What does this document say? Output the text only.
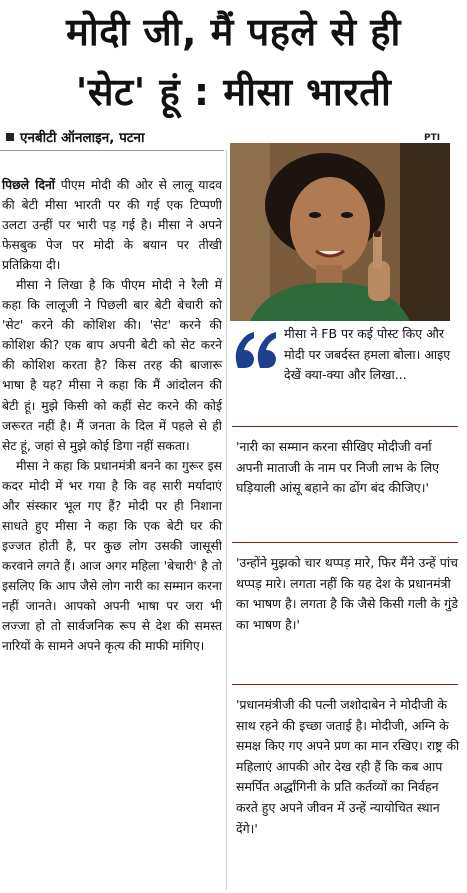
मोदी जी, मैं पहले से ही
'सेट' हूं : मीसा भारती
एनबीटी ऑनलाइन, पटना

पिछले दिनों पीएम मोदी की ओर से लालू यादव की बेटी मीसा भारती पर की गई एक टिप्पणी उलटा उन्हीं पर भारी पड़ गई है। मीसा ने अपने फेसबुक पेज पर मोदी के बयान पर तीखी प्रतिक्रिया दी।

मीसा ने लिखा है कि पीएम मोदी ने रैली में कहा कि लालूजी ने पिछली बार बेटी बेचारी को 'सेट' करने की कोशिश की। 'सेट' करने की कोशिश की? एक बाप अपनी बेटी को सेट करने की कोशिश करता है? किस तरह की बाजारू भाषा है यह? मीसा ने कहा कि मैं आंदोलन की बेटी हूं। मुझे किसी को कहीं सेट करने की कोई जरूरत नहीं है। मैं जनता के दिल में पहले से ही सेट हूं, जहां से मुझे कोई डिगा नहीं सकता।

मीसा ने कहा कि प्रधानमंत्री बनने का गुरूर इस कदर मोदी में भर गया है कि वह सारी मर्यादाएं और संस्कार भूल गए हैं? मोदी पर ही निशाना साधते हुए मीसा ने कहा कि एक बेटी घर की इज्जत होती है, पर कुछ लोग उसकी जासूसी करवाने लगते हैं। आज अगर महिला 'बेचारी' है तो इसलिए कि आप जैसे लोग नारी का सम्मान करना नहीं जानते। आपको अपनी भाषा पर जरा भी लज्जा हो तो सार्वजनिक रूप से देश की समस्त नारियों के सामने अपने कृत्य की माफी मांगिए।

PTI
मीसा ने FB पर कई पोस्ट किए और मोदी पर जबर्दस्त हमला बोला। आइए देखें क्या-क्या और लिखा...
'नारी का सम्मान करना सीखिए मोदीजी वर्ना अपनी माताजी के नाम पर निजी लाभ के लिए घड़ियाली आंसू बहाने का ढोंग बंद कीजिए।'
'उन्होंने मुझको चार थप्पड़ मारे, फिर मैंने उन्हें पांच थप्पड़ मारे। लगता नहीं कि यह देश के प्रधानमंत्री का भाषण है। लगता है कि जैसे किसी गली के गुंडे का भाषण है।'
'प्रधानमंत्रीजी की पत्नी जशोदाबेन ने मोदीजी के साथ रहने की इच्छा जताई है। मोदीजी, अग्नि के समक्ष किए गए अपने प्रण का मान रखिए। राष्ट्र की महिलाएं आपकी ओर देख रही हैं कि कब आप समर्पित अर्द्धांगिनी के प्रति कर्तव्यों का निर्वहन करते हुए अपने जीवन में उन्हें न्यायोचित स्थान देंगे।'
